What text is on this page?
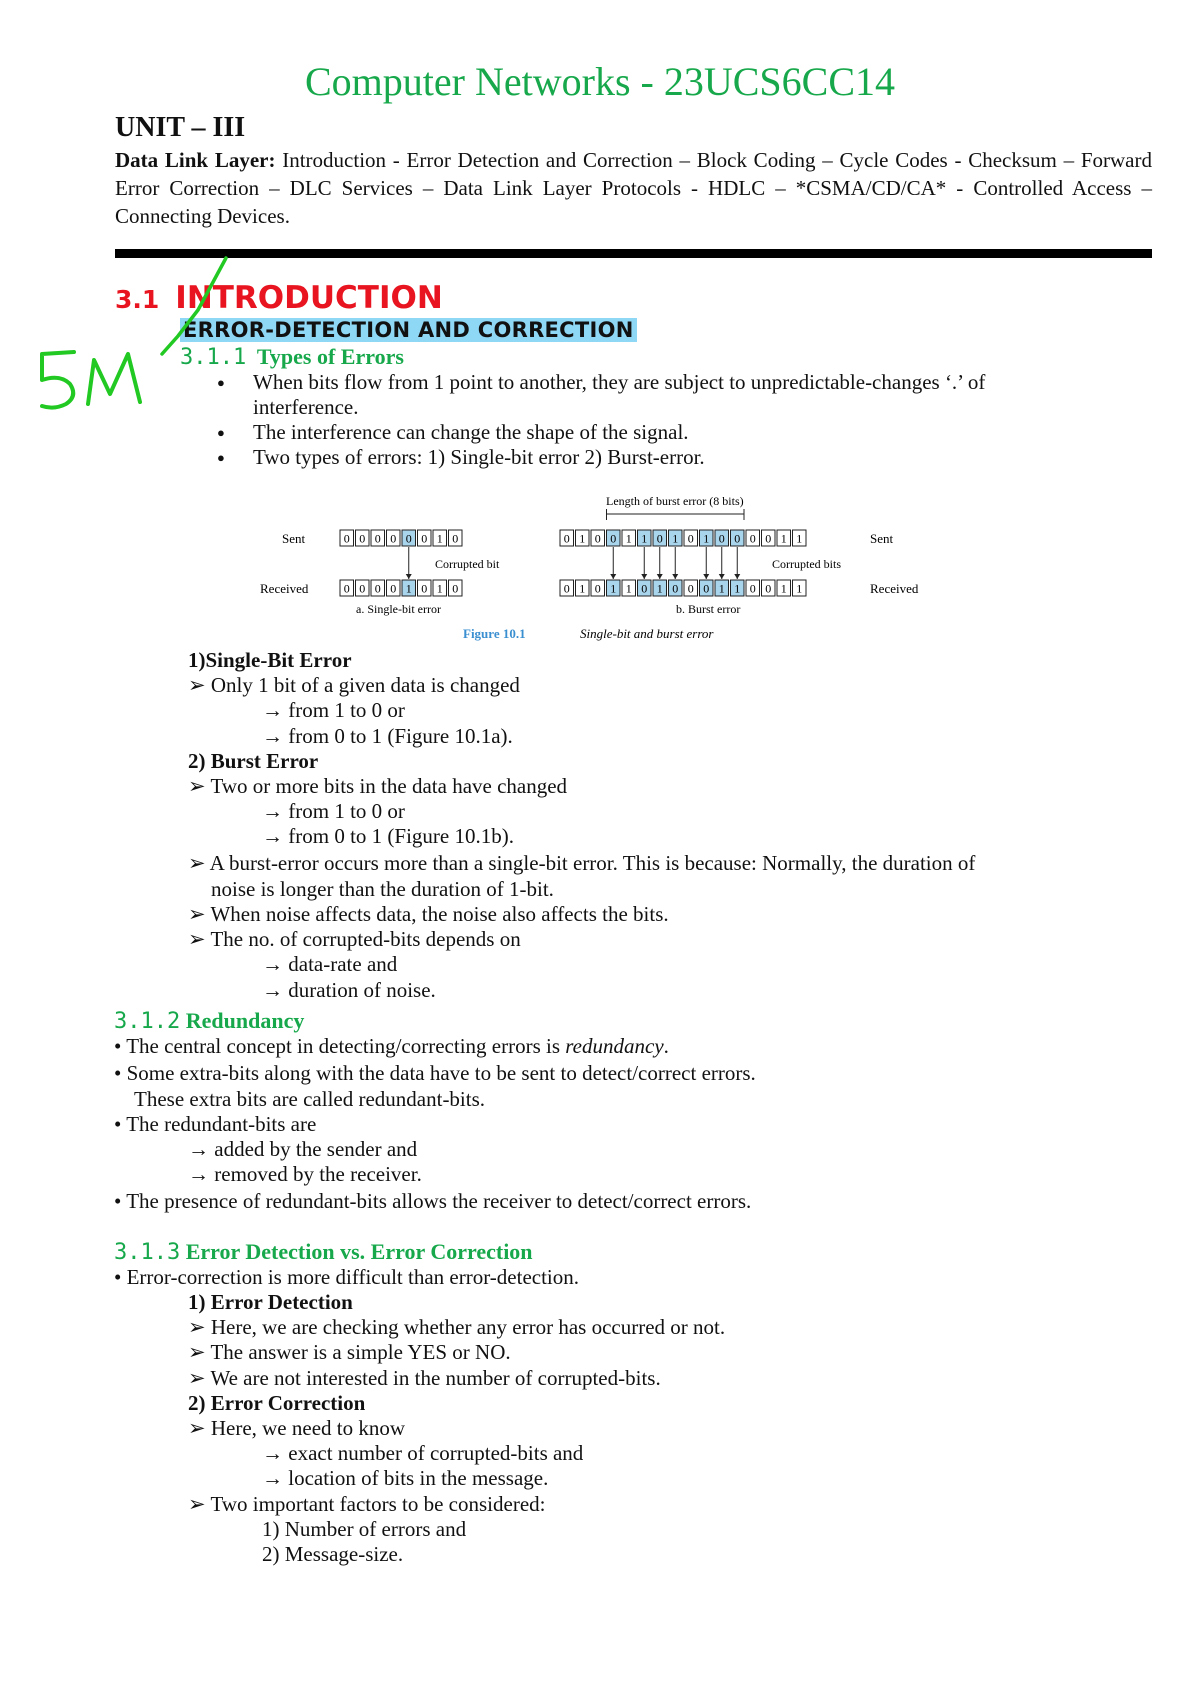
Computer Networks - 23UCS6CC14
UNIT – III
Data Link Layer: Introduction - Error Detection and Correction – Block Coding – Cycle Codes - Checksum – Forward Error Correction – DLC Services – Data Link Layer Protocols - HDLC – *CSMA/CD/CA* - Controlled Access –Connecting Devices.
3.1 INTRODUCTION
ERROR-DETECTION AND CORRECTION
3.1.1 Types of Errors
● When bits flow from 1 point to another, they are subject to unpredictable-changes ‘.’ of
interference.
● The interference can change the shape of the signal.
● Two types of errors: 1) Single-bit error 2) Burst-error.
0 0 0 0 0 0 1 0
0 0 0 0 1 0 1 0
0 1 0 0 1 1 0 1 0 1 0 0 0 0 1 1
0 1 0 1 1 0 1 0 0 0 1 1 0 0 1 1
Sent
Received
Sent
Received
Corrupted bit	Corrupted bits
a. Single-bit error	b. Burst error
Length of burst error (8 bits)
Figure 10.1	Single-bit and burst error
1)Single-Bit Error
➢ Only 1 bit of a given data is changed
→ from 1 to 0 or
→ from 0 to 1 (Figure 10.1a).
2) Burst Error
➢ Two or more bits in the data have changed
→ from 1 to 0 or
→ from 0 to 1 (Figure 10.1b).
➢ A burst-error occurs more than a single-bit error. This is because: Normally, the duration of
noise is longer than the duration of 1-bit.
➢ When noise affects data, the noise also affects the bits.
➢ The no. of corrupted-bits depends on
→ data-rate and
→ duration of noise.
3.1.2 Redundancy
• The central concept in detecting/correcting errors is redundancy.
• Some extra-bits along with the data have to be sent to detect/correct errors.
These extra bits are called redundant-bits.
• The redundant-bits are
→ added by the sender and
→ removed by the receiver.
• The presence of redundant-bits allows the receiver to detect/correct errors.
3.1.3 Error Detection vs. Error Correction
• Error-correction is more difficult than error-detection.
1) Error Detection
➢ Here, we are checking whether any error has occurred or not.
➢ The answer is a simple YES or NO.
➢ We are not interested in the number of corrupted-bits.
2) Error Correction
➢ Here, we need to know
→ exact number of corrupted-bits and
→ location of bits in the message.
➢ Two important factors to be considered:
1) Number of errors and
2) Message-size.
